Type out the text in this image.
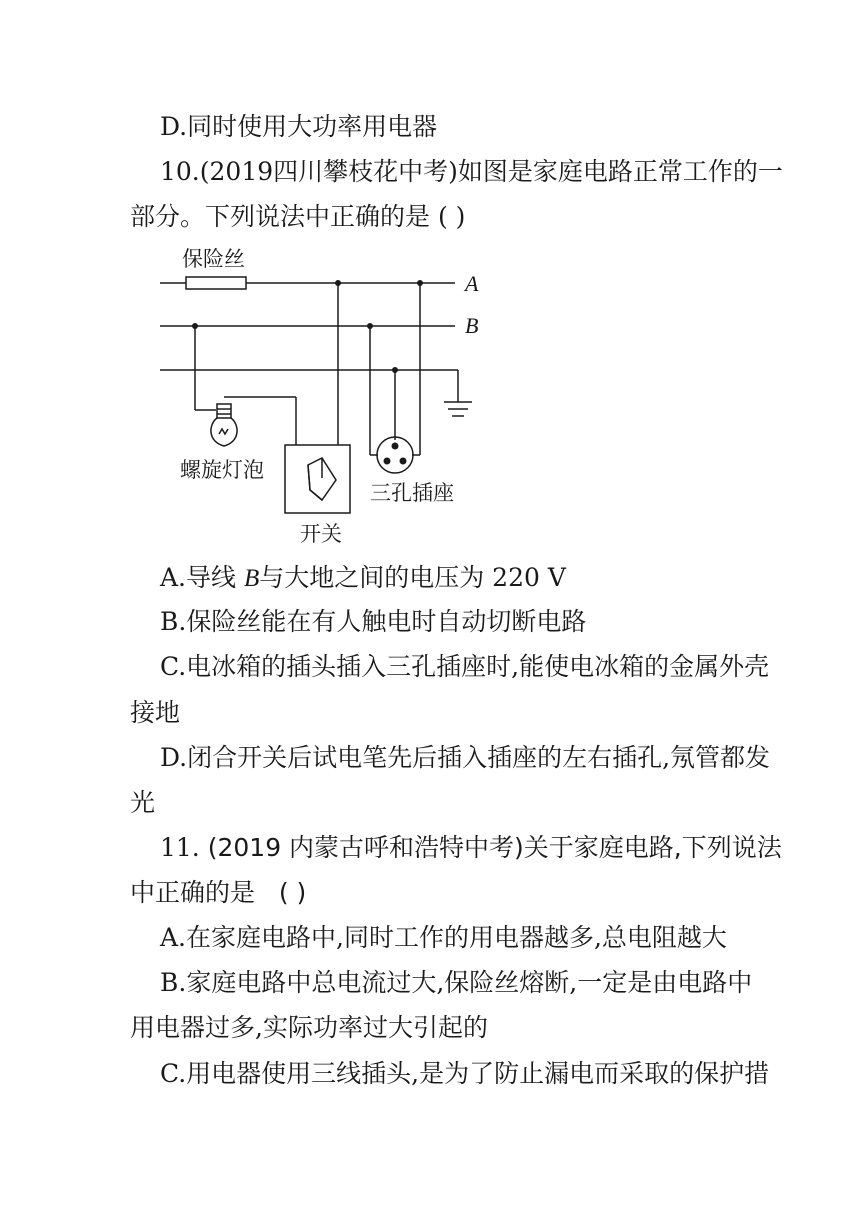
D.同时使用大功率用电器
10.(2019四川攀枝花中考)如图是家庭电路正常工作的一
部分。下列说法中正确的是 ( )
保险丝
A
B
螺旋灯泡
三孔插座
开关
A.导线 B与大地之间的电压为 220 V
B.保险丝能在有人触电时自动切断电路
C.电冰箱的插头插入三孔插座时,能使电冰箱的金属外壳
接地
D.闭合开关后试电笔先后插入插座的左右插孔,氖管都发
光
11. (2019 内蒙古呼和浩特中考)关于家庭电路,下列说法
中正确的是 ( )
A.在家庭电路中,同时工作的用电器越多,总电阻越大
B.家庭电路中总电流过大,保险丝熔断,一定是由电路中
用电器过多,实际功率过大引起的
C.用电器使用三线插头,是为了防止漏电而采取的保护措
